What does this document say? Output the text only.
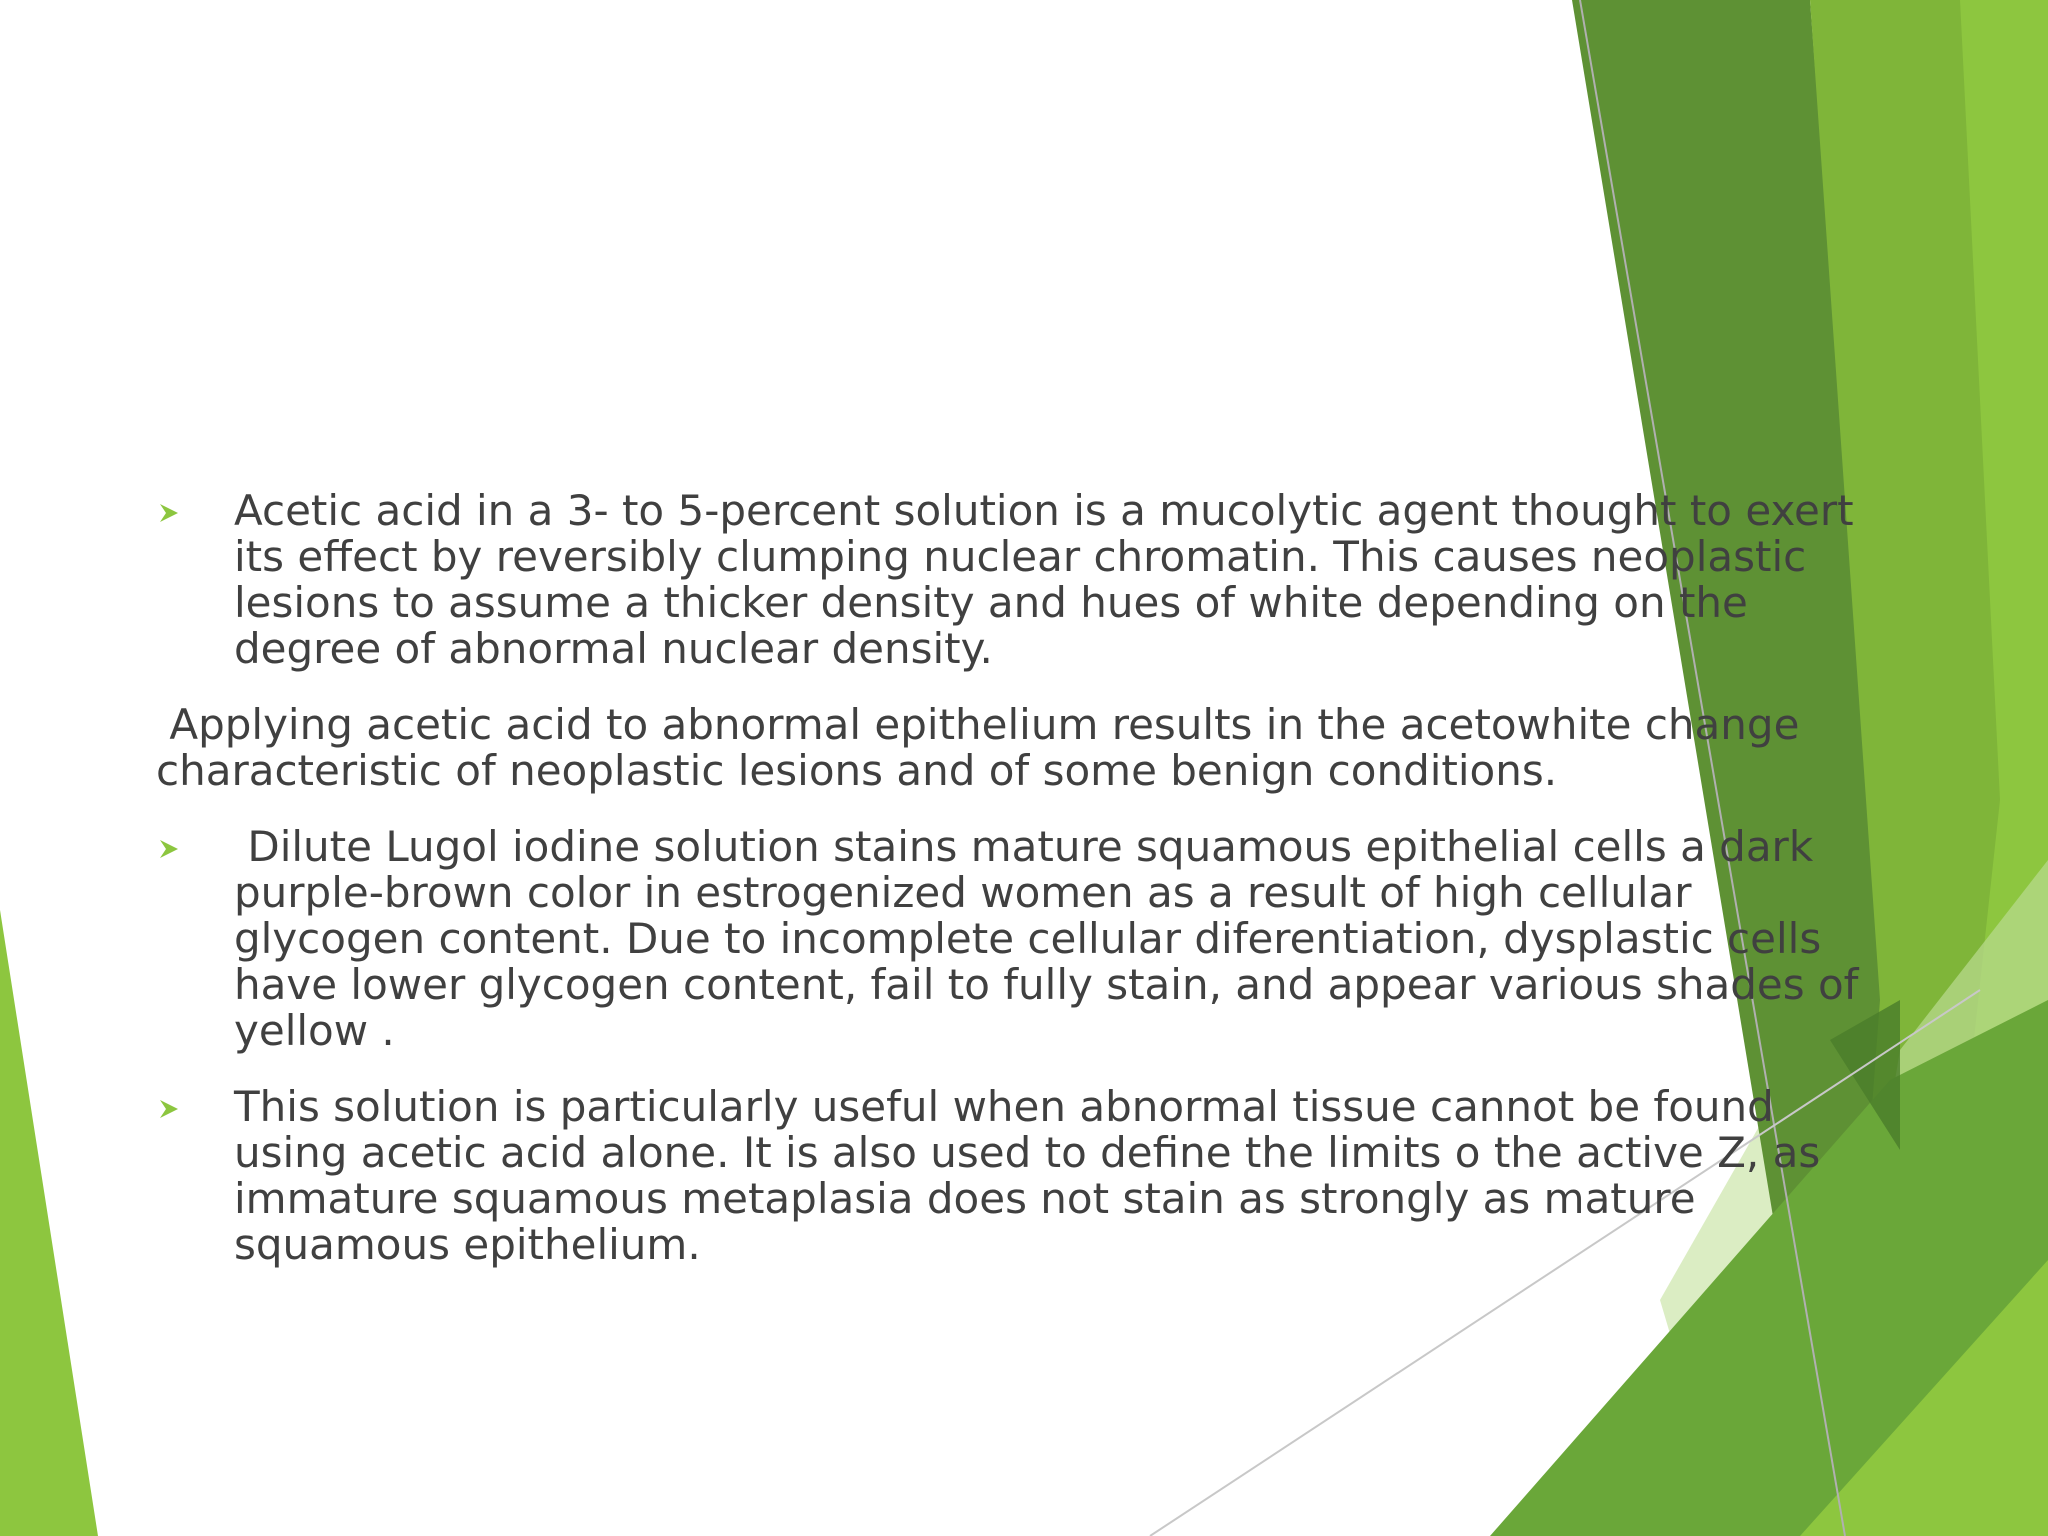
Acetic acid in a 3- to 5-percent solution is a mucolytic agent thought to exert its effect by reversibly clumping nuclear chromatin. This causes neoplastic lesions to assume a thicker density and hues of white depending on the degree of abnormal nuclear density.
Applying acetic acid to abnormal epithelium results in the acetowhite change characteristic of neoplastic lesions and of some benign conditions.
Dilute Lugol iodine solution stains mature squamous epithelial cells a dark purple-brown color in estrogenized women as a result of high cellular glycogen content. Due to incomplete cellular diferentiation, dysplastic cells have lower glycogen content, fail to fully stain, and appear various shades of yellow .
This solution is particularly useful when abnormal tissue cannot be found using acetic acid alone. It is also used to define the limits o the active Z, as immature squamous metaplasia does not stain as strongly as mature squamous epithelium.
